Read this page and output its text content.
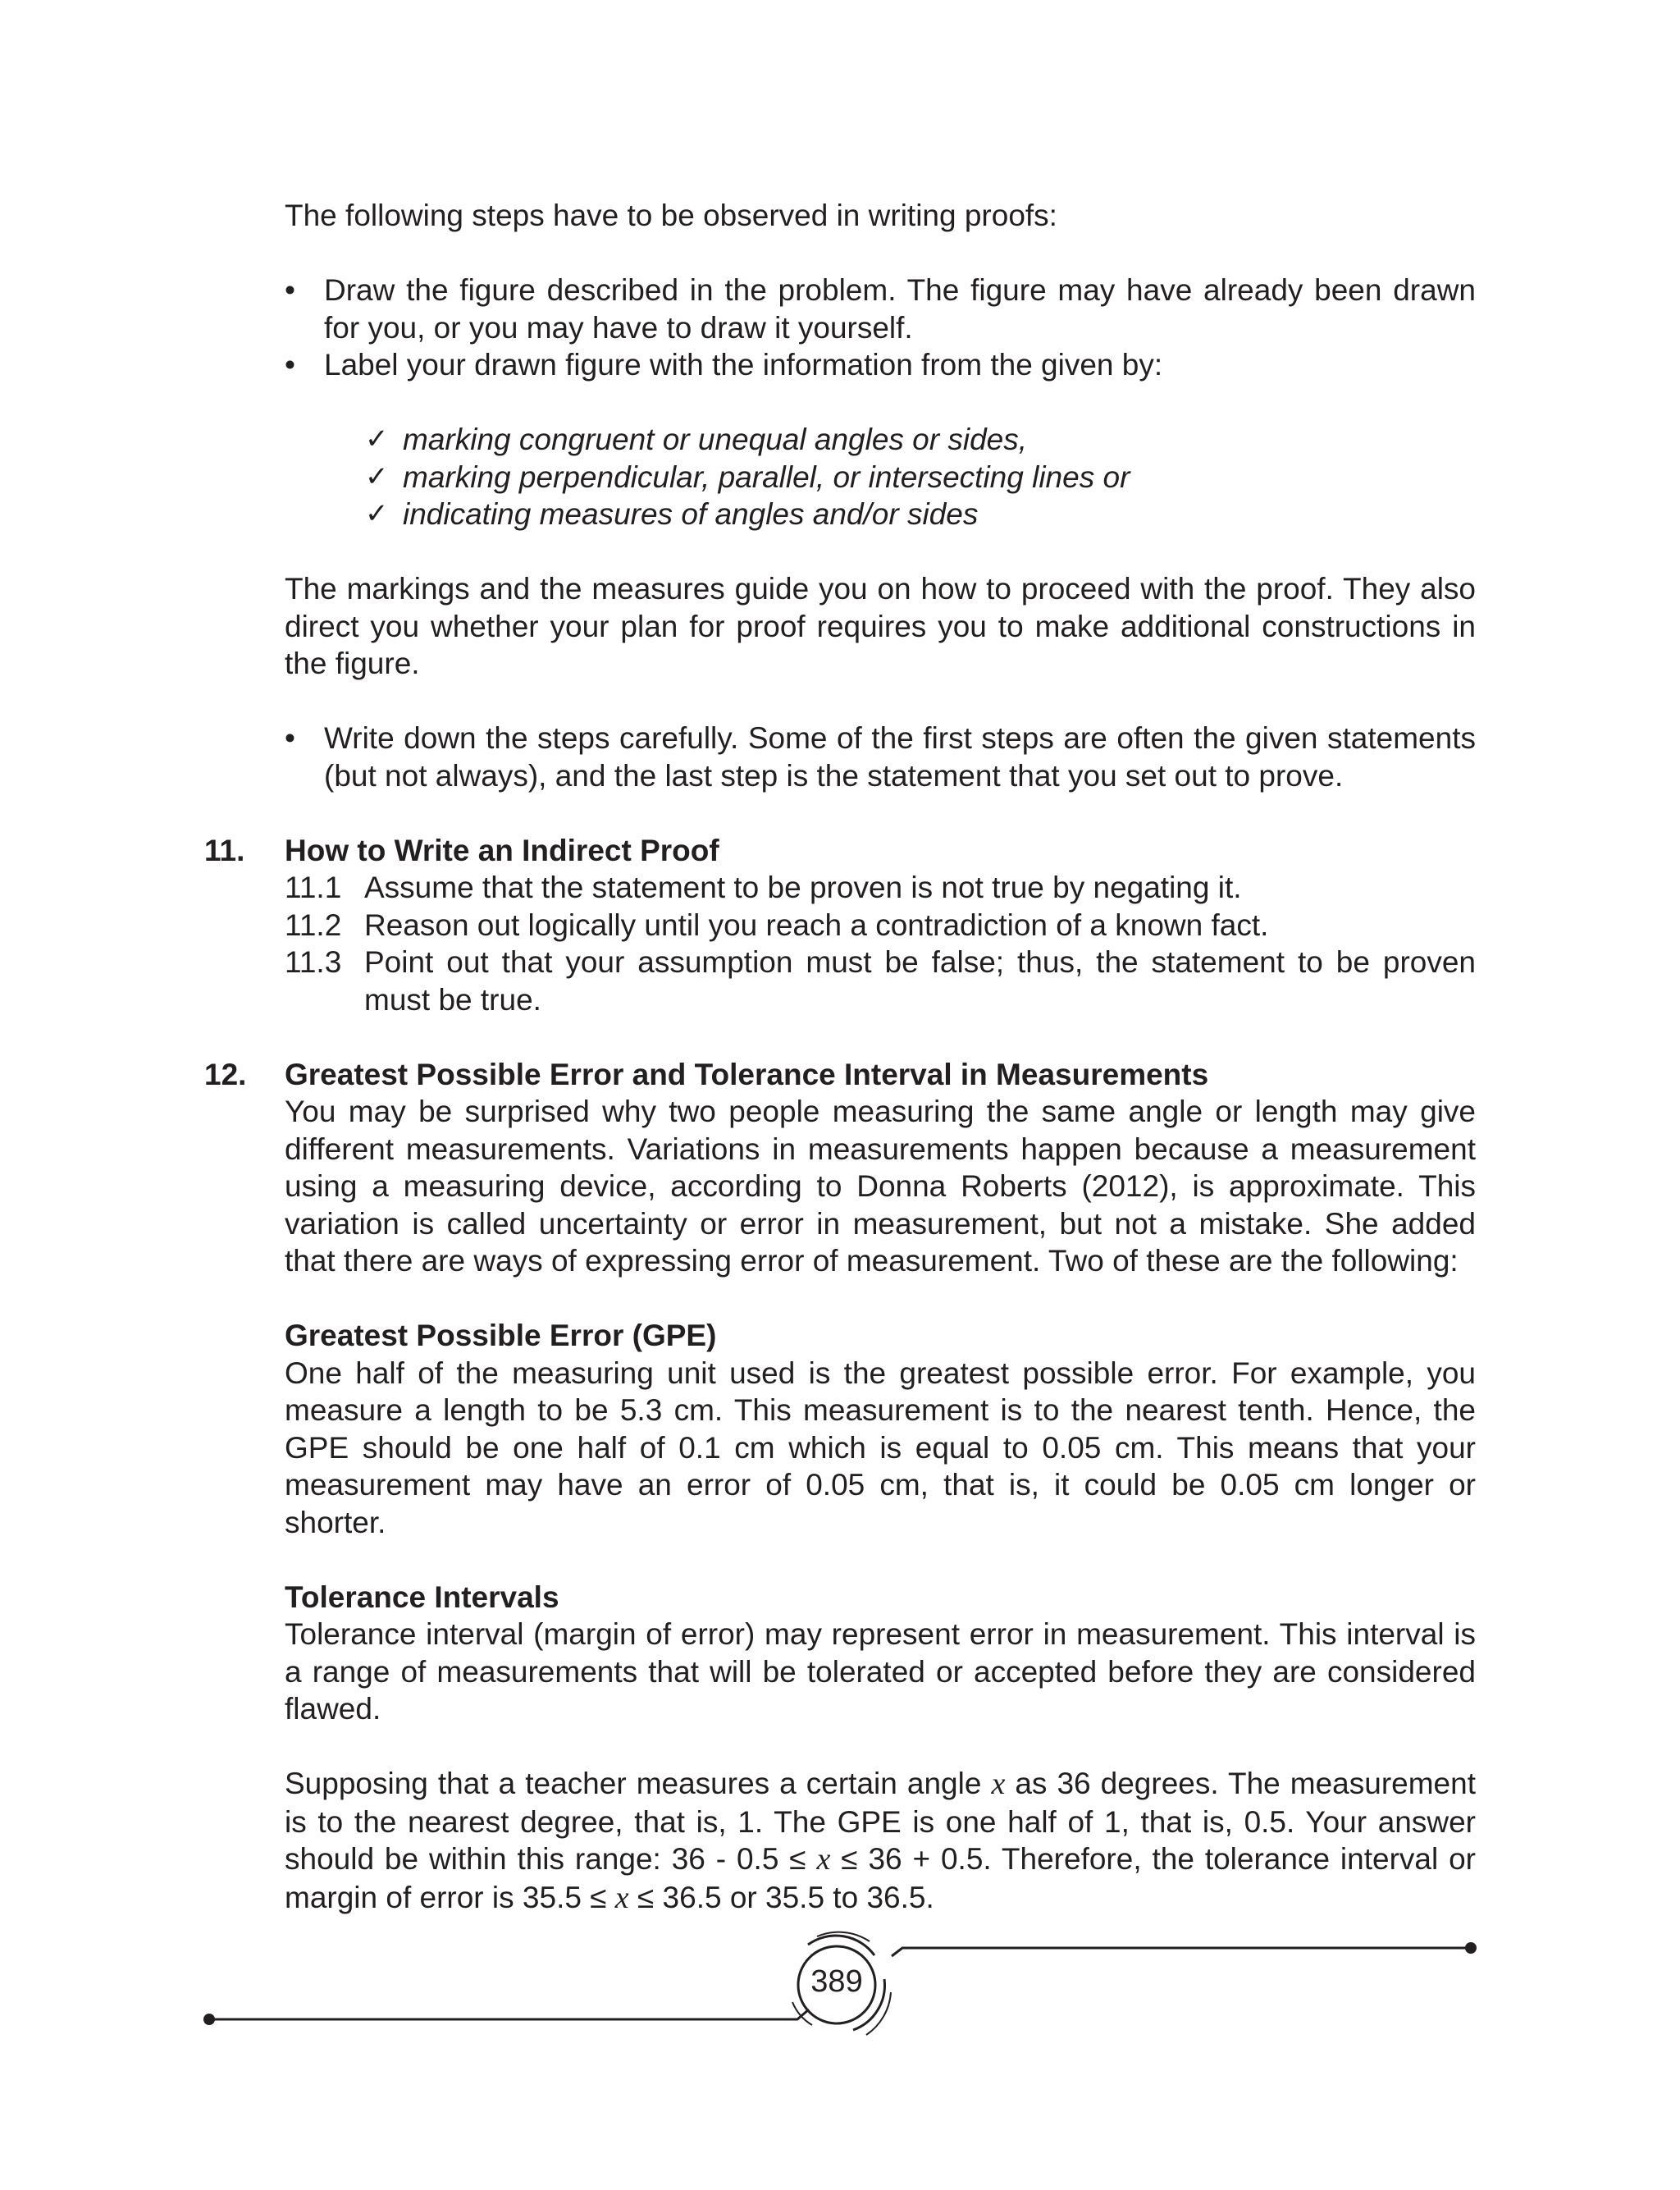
The following steps have to be observed in writing proofs:

• Draw the figure described in the problem. The figure may have already been drawn for you, or you may have to draw it yourself.

• Label your drawn figure with the information from the given by:

✓ marking congruent or unequal angles or sides,
✓ marking perpendicular, parallel, or intersecting lines or
✓ indicating measures of angles and/or sides

The markings and the measures guide you on how to proceed with the proof. They also direct you whether your plan for proof requires you to make additional constructions in the figure.

• Write down the steps carefully. Some of the first steps are often the given statements (but not always), and the last step is the statement that you set out to prove.

11. How to Write an Indirect Proof

11.1 Assume that the statement to be proven is not true by negating it.

11.2 Reason out logically until you reach a contradiction of a known fact.

11.3 Point out that your assumption must be false; thus, the statement to be proven must be true.

12. Greatest Possible Error and Tolerance Interval in Measurements

You may be surprised why two people measuring the same angle or length may give different measurements. Variations in measurements happen because a measurement using a measuring device, according to Donna Roberts (2012), is approximate. This variation is called uncertainty or error in measurement, but not a mistake. She added that there are ways of expressing error of measurement. Two of these are the following:

Greatest Possible Error (GPE)

One half of the measuring unit used is the greatest possible error. For example, you measure a length to be 5.3 cm. This measurement is to the nearest tenth. Hence, the GPE should be one half of 0.1 cm which is equal to 0.05 cm. This means that your measurement may have an error of 0.05 cm, that is, it could be 0.05 cm longer or shorter.

Tolerance Intervals

Tolerance interval (margin of error) may represent error in measurement. This interval is a range of measurements that will be tolerated or accepted before they are considered flawed.

Supposing that a teacher measures a certain angle x as 36 degrees. The measurement is to the nearest degree, that is, 1. The GPE is one half of 1, that is, 0.5. Your answer should be within this range: 36 - 0.5 ≤ x ≤ 36 + 0.5. Therefore, the tolerance interval or margin of error is 35.5 ≤ x ≤ 36.5 or 35.5 to 36.5.

389
